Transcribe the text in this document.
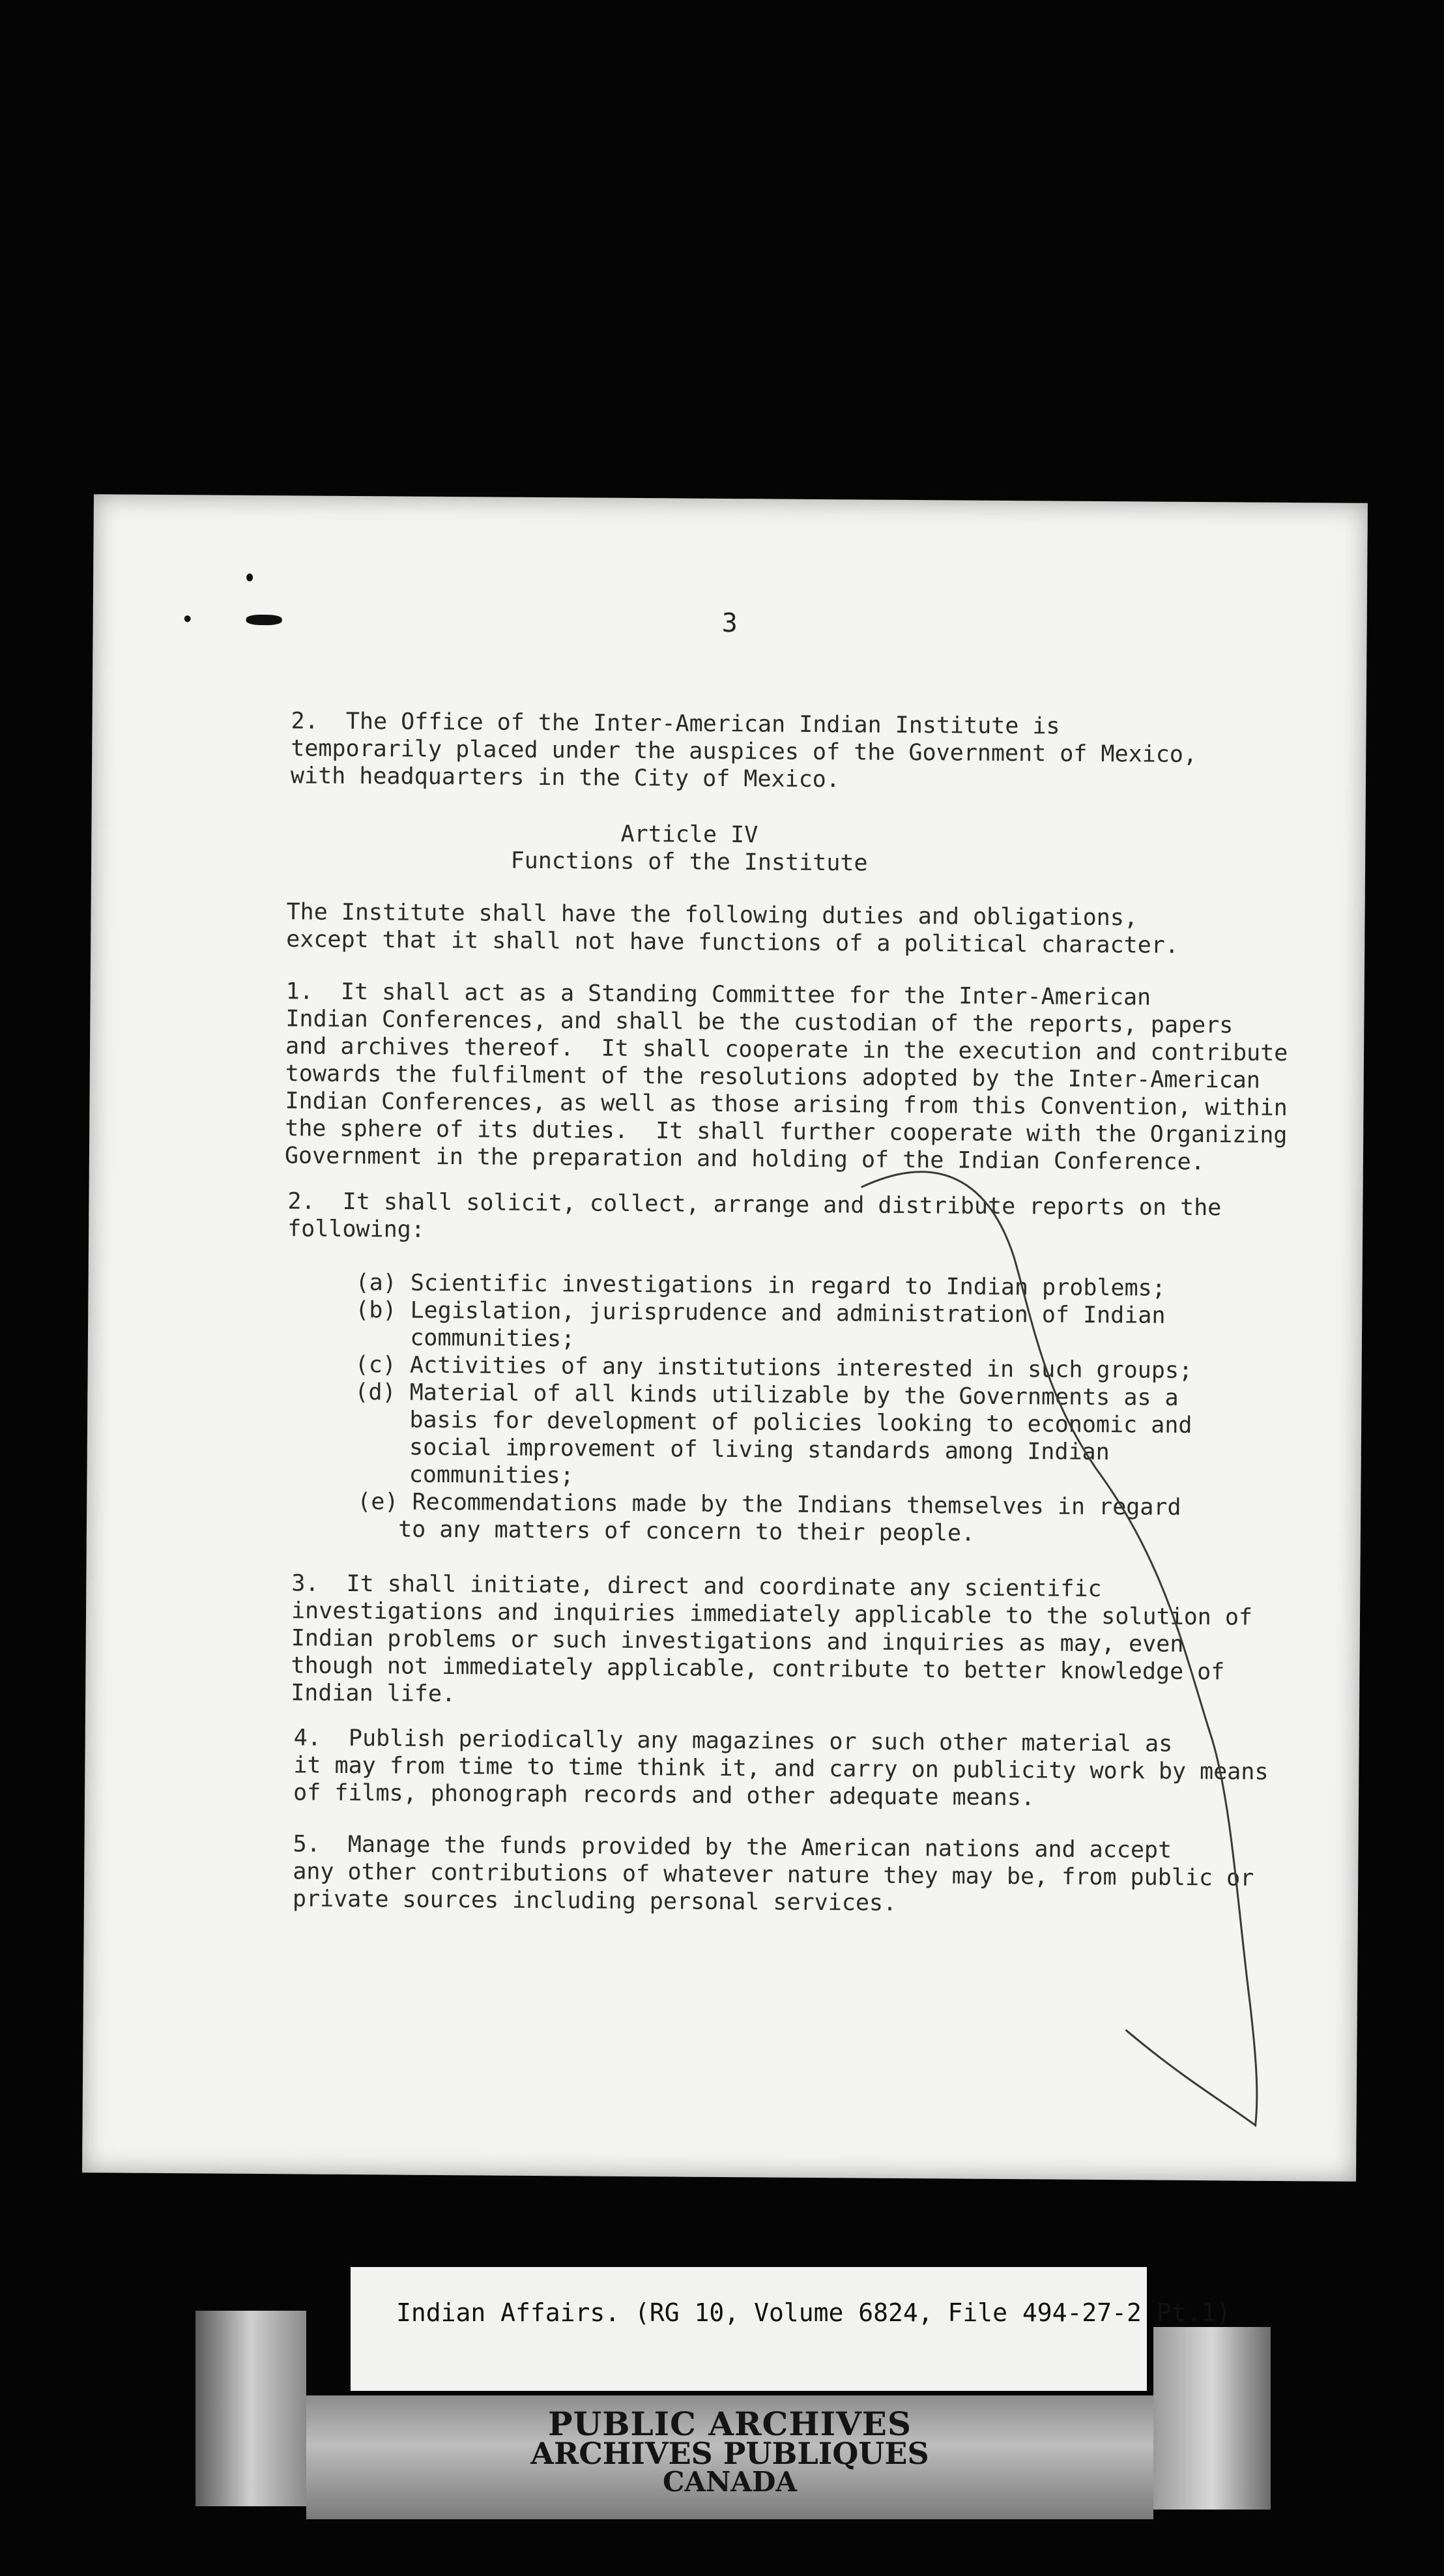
3
2.  The Office of the Inter-American Indian Institute is
temporarily placed under the auspices of the Government of Mexico,
with headquarters in the City of Mexico.
Article IV
Functions of the Institute
The Institute shall have the following duties and obligations,
except that it shall not have functions of a political character.
1.  It shall act as a Standing Committee for the Inter-American
Indian Conferences, and shall be the custodian of the reports, papers
and archives thereof.  It shall cooperate in the execution and contribute
towards the fulfilment of the resolutions adopted by the Inter-American
Indian Conferences, as well as those arising from this Convention, within
the sphere of its duties.  It shall further cooperate with the Organizing
Government in the preparation and holding of the Indian Conference.
2.  It shall solicit, collect, arrange and distribute reports on the
following:
(a) Scientific investigations in regard to Indian problems;
(b) Legislation, jurisprudence and administration of Indian
communities;
(c) Activities of any institutions interested in such groups;
(d) Material of all kinds utilizable by the Governments as a
basis for development of policies looking to economic and
social improvement of living standards among Indian
communities;
(e) Recommendations made by the Indians themselves in regard
to any matters of concern to their people.
3.  It shall initiate, direct and coordinate any scientific
investigations and inquiries immediately applicable to the solution of
Indian problems or such investigations and inquiries as may, even
though not immediately applicable, contribute to better knowledge of
Indian life.
4.  Publish periodically any magazines or such other material as
it may from time to time think it, and carry on publicity work by means
of films, phonograph records and other adequate means.
5.  Manage the funds provided by the American nations and accept
any other contributions of whatever nature they may be, from public or
private sources including personal services.
Indian Affairs. (RG 10, Volume 6824, File 494-27-2 Pt.1)
PUBLIC ARCHIVES
ARCHIVES PUBLIQUES
CANADA
